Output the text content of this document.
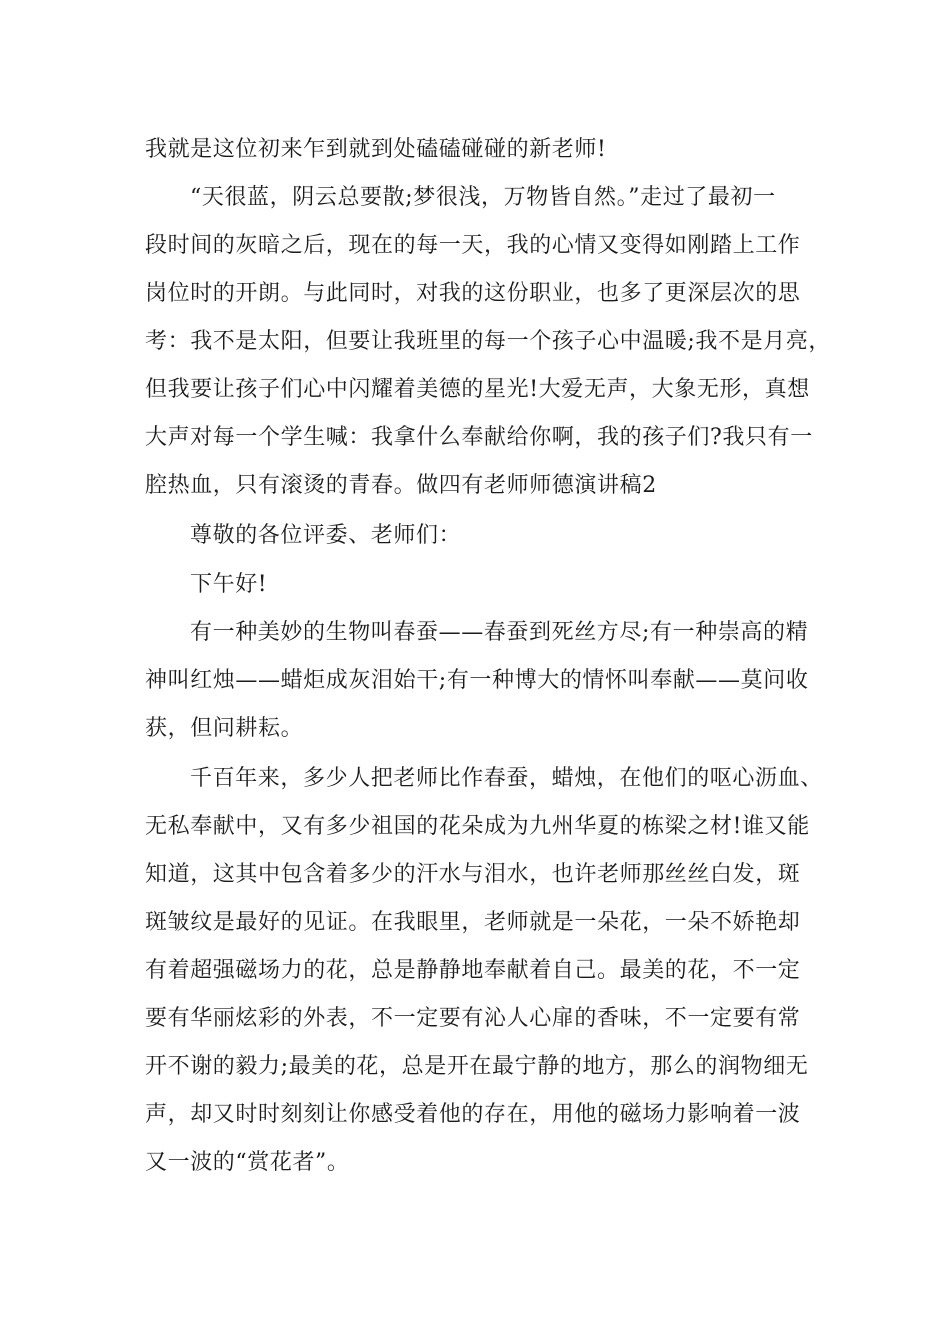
我就是这位初来乍到就到处磕磕碰碰的新老师!
“天很蓝，阴云总要散;梦很浅，万物皆自然。”走过了最初一
段时间的灰暗之后，现在的每一天，我的心情又变得如刚踏上工作
岗位时的开朗。与此同时，对我的这份职业，也多了更深层次的思
考：我不是太阳，但要让我班里的每一个孩子心中温暖;我不是月亮，
但我要让孩子们心中闪耀着美德的星光!大爱无声，大象无形，真想
大声对每一个学生喊：我拿什么奉献给你啊，我的孩子们?我只有一
腔热血，只有滚烫的青春。做四有老师师德演讲稿2
尊敬的各位评委、老师们：
下午好!
有一种美妙的生物叫春蚕——春蚕到死丝方尽;有一种崇高的精
神叫红烛——蜡炬成灰泪始干;有一种博大的情怀叫奉献——莫问收
获，但问耕耘。
千百年来，多少人把老师比作春蚕，蜡烛，在他们的呕心沥血、
无私奉献中，又有多少祖国的花朵成为九州华夏的栋梁之材!谁又能
知道，这其中包含着多少的汗水与泪水，也许老师那丝丝白发，斑
斑皱纹是最好的见证。在我眼里，老师就是一朵花，一朵不娇艳却
有着超强磁场力的花，总是静静地奉献着自己。最美的花，不一定
要有华丽炫彩的外表，不一定要有沁人心扉的香味，不一定要有常
开不谢的毅力;最美的花，总是开在最宁静的地方，那么的润物细无
声，却又时时刻刻让你感受着他的存在，用他的磁场力影响着一波
又一波的“赏花者”。
